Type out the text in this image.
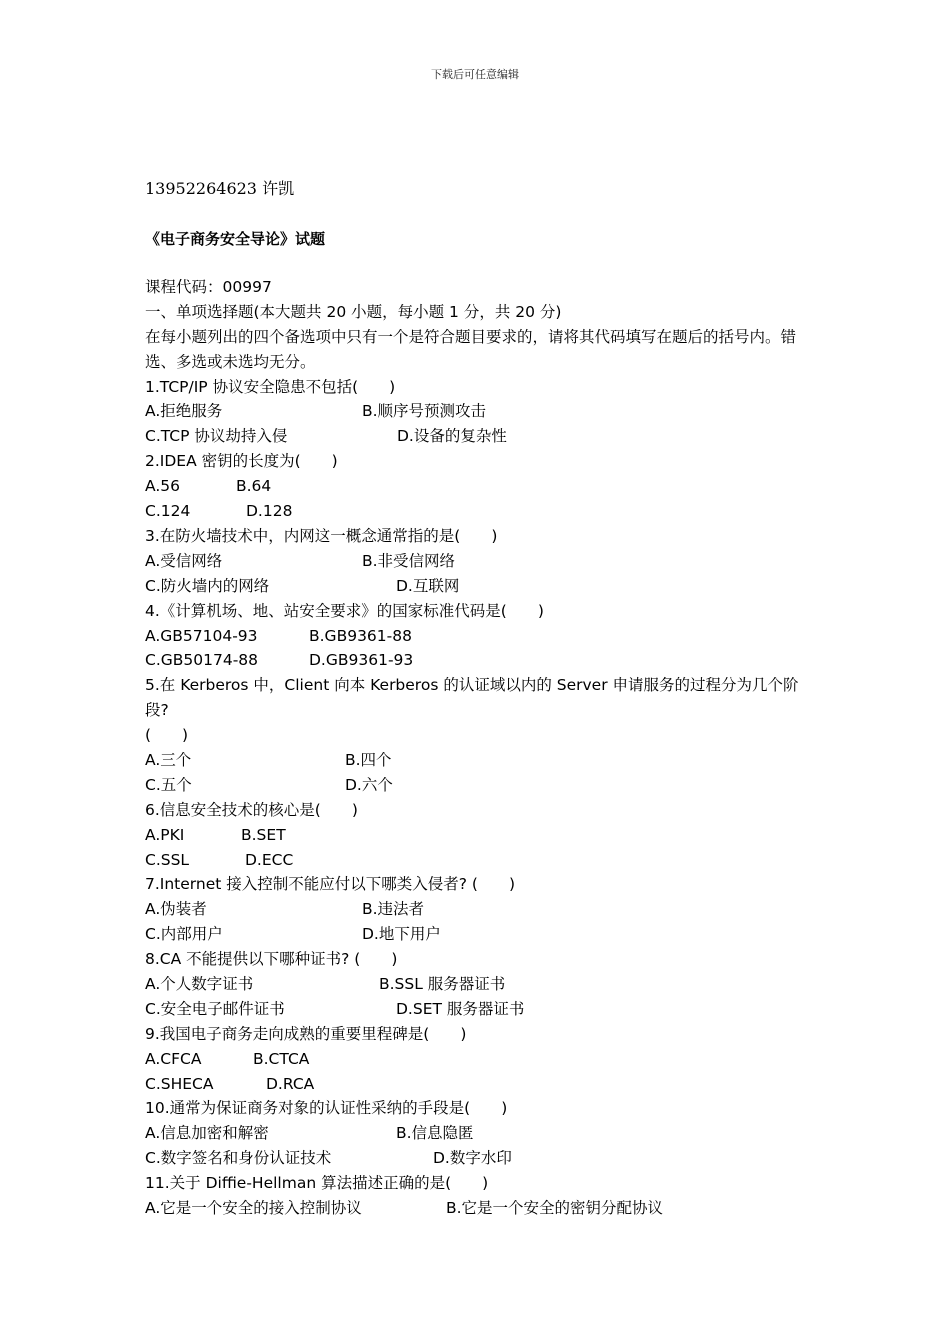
下载后可任意编辑
13952264623 许凯
《电子商务安全导论》试题
课程代码：00997
一、单项选择题(本大题共 20 小题，每小题 1 分，共 20 分)
在每小题列出的四个备选项中只有一个是符合题目要求的，请将其代码填写在题后的括号内。错选、多选或未选均无分。
1.TCP/IP 协议安全隐患不包括(　　)
A.拒绝服务	B.顺序号预测攻击
C.TCP 协议劫持入侵	D.设备的复杂性
2.IDEA 密钥的长度为(　　)
A.56	B.64
C.124	D.128
3.在防火墙技术中，内网这一概念通常指的是(　　)
A.受信网络	B.非受信网络
C.防火墙内的网络	D.互联网
4.《计算机场、地、站安全要求》的国家标准代码是(　　)
A.GB57104-93	B.GB9361-88
C.GB50174-88	D.GB9361-93
5.在 Kerberos 中，Client 向本 Kerberos 的认证域以内的 Server 申请服务的过程分为几个阶段?
(　　)
A.三个	B.四个
C.五个	D.六个
6.信息安全技术的核心是(　　)
A.PKI	B.SET
C.SSL	D.ECC
7.Internet 接入控制不能应付以下哪类入侵者? (　　)
A.伪装者	B.违法者
C.内部用户	D.地下用户
8.CA 不能提供以下哪种证书? (　　)
A.个人数字证书	B.SSL 服务器证书
C.安全电子邮件证书	D.SET 服务器证书
9.我国电子商务走向成熟的重要里程碑是(　　)
A.CFCA	B.CTCA
C.SHECA	D.RCA
10.通常为保证商务对象的认证性采纳的手段是(　　)
A.信息加密和解密	B.信息隐匿
C.数字签名和身份认证技术	D.数字水印
11.关于 Diffie-Hellman 算法描述正确的是(　　)
A.它是一个安全的接入控制协议	B.它是一个安全的密钥分配协议
